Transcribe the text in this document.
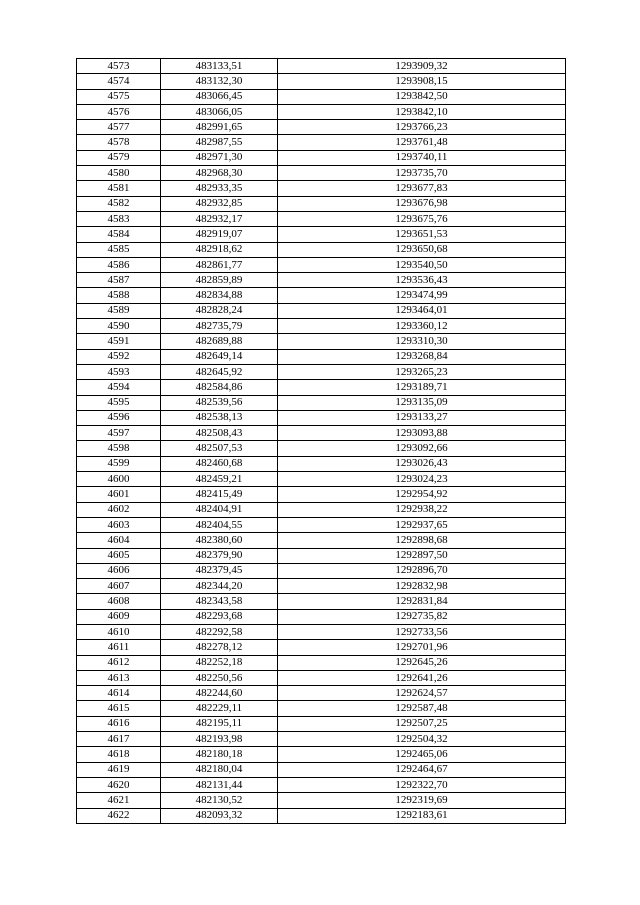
4573	483133,51	1293909,32
4574	483132,30	1293908,15
4575	483066,45	1293842,50
4576	483066,05	1293842,10
4577	482991,65	1293766,23
4578	482987,55	1293761,48
4579	482971,30	1293740,11
4580	482968,30	1293735,70
4581	482933,35	1293677,83
4582	482932,85	1293676,98
4583	482932,17	1293675,76
4584	482919,07	1293651,53
4585	482918,62	1293650,68
4586	482861,77	1293540,50
4587	482859,89	1293536,43
4588	482834,88	1293474,99
4589	482828,24	1293464,01
4590	482735,79	1293360,12
4591	482689,88	1293310,30
4592	482649,14	1293268,84
4593	482645,92	1293265,23
4594	482584,86	1293189,71
4595	482539,56	1293135,09
4596	482538,13	1293133,27
4597	482508,43	1293093,88
4598	482507,53	1293092,66
4599	482460,68	1293026,43
4600	482459,21	1293024,23
4601	482415,49	1292954,92
4602	482404,91	1292938,22
4603	482404,55	1292937,65
4604	482380,60	1292898,68
4605	482379,90	1292897,50
4606	482379,45	1292896,70
4607	482344,20	1292832,98
4608	482343,58	1292831,84
4609	482293,68	1292735,82
4610	482292,58	1292733,56
4611	482278,12	1292701,96
4612	482252,18	1292645,26
4613	482250,56	1292641,26
4614	482244,60	1292624,57
4615	482229,11	1292587,48
4616	482195,11	1292507,25
4617	482193,98	1292504,32
4618	482180,18	1292465,06
4619	482180,04	1292464,67
4620	482131,44	1292322,70
4621	482130,52	1292319,69
4622	482093,32	1292183,61
